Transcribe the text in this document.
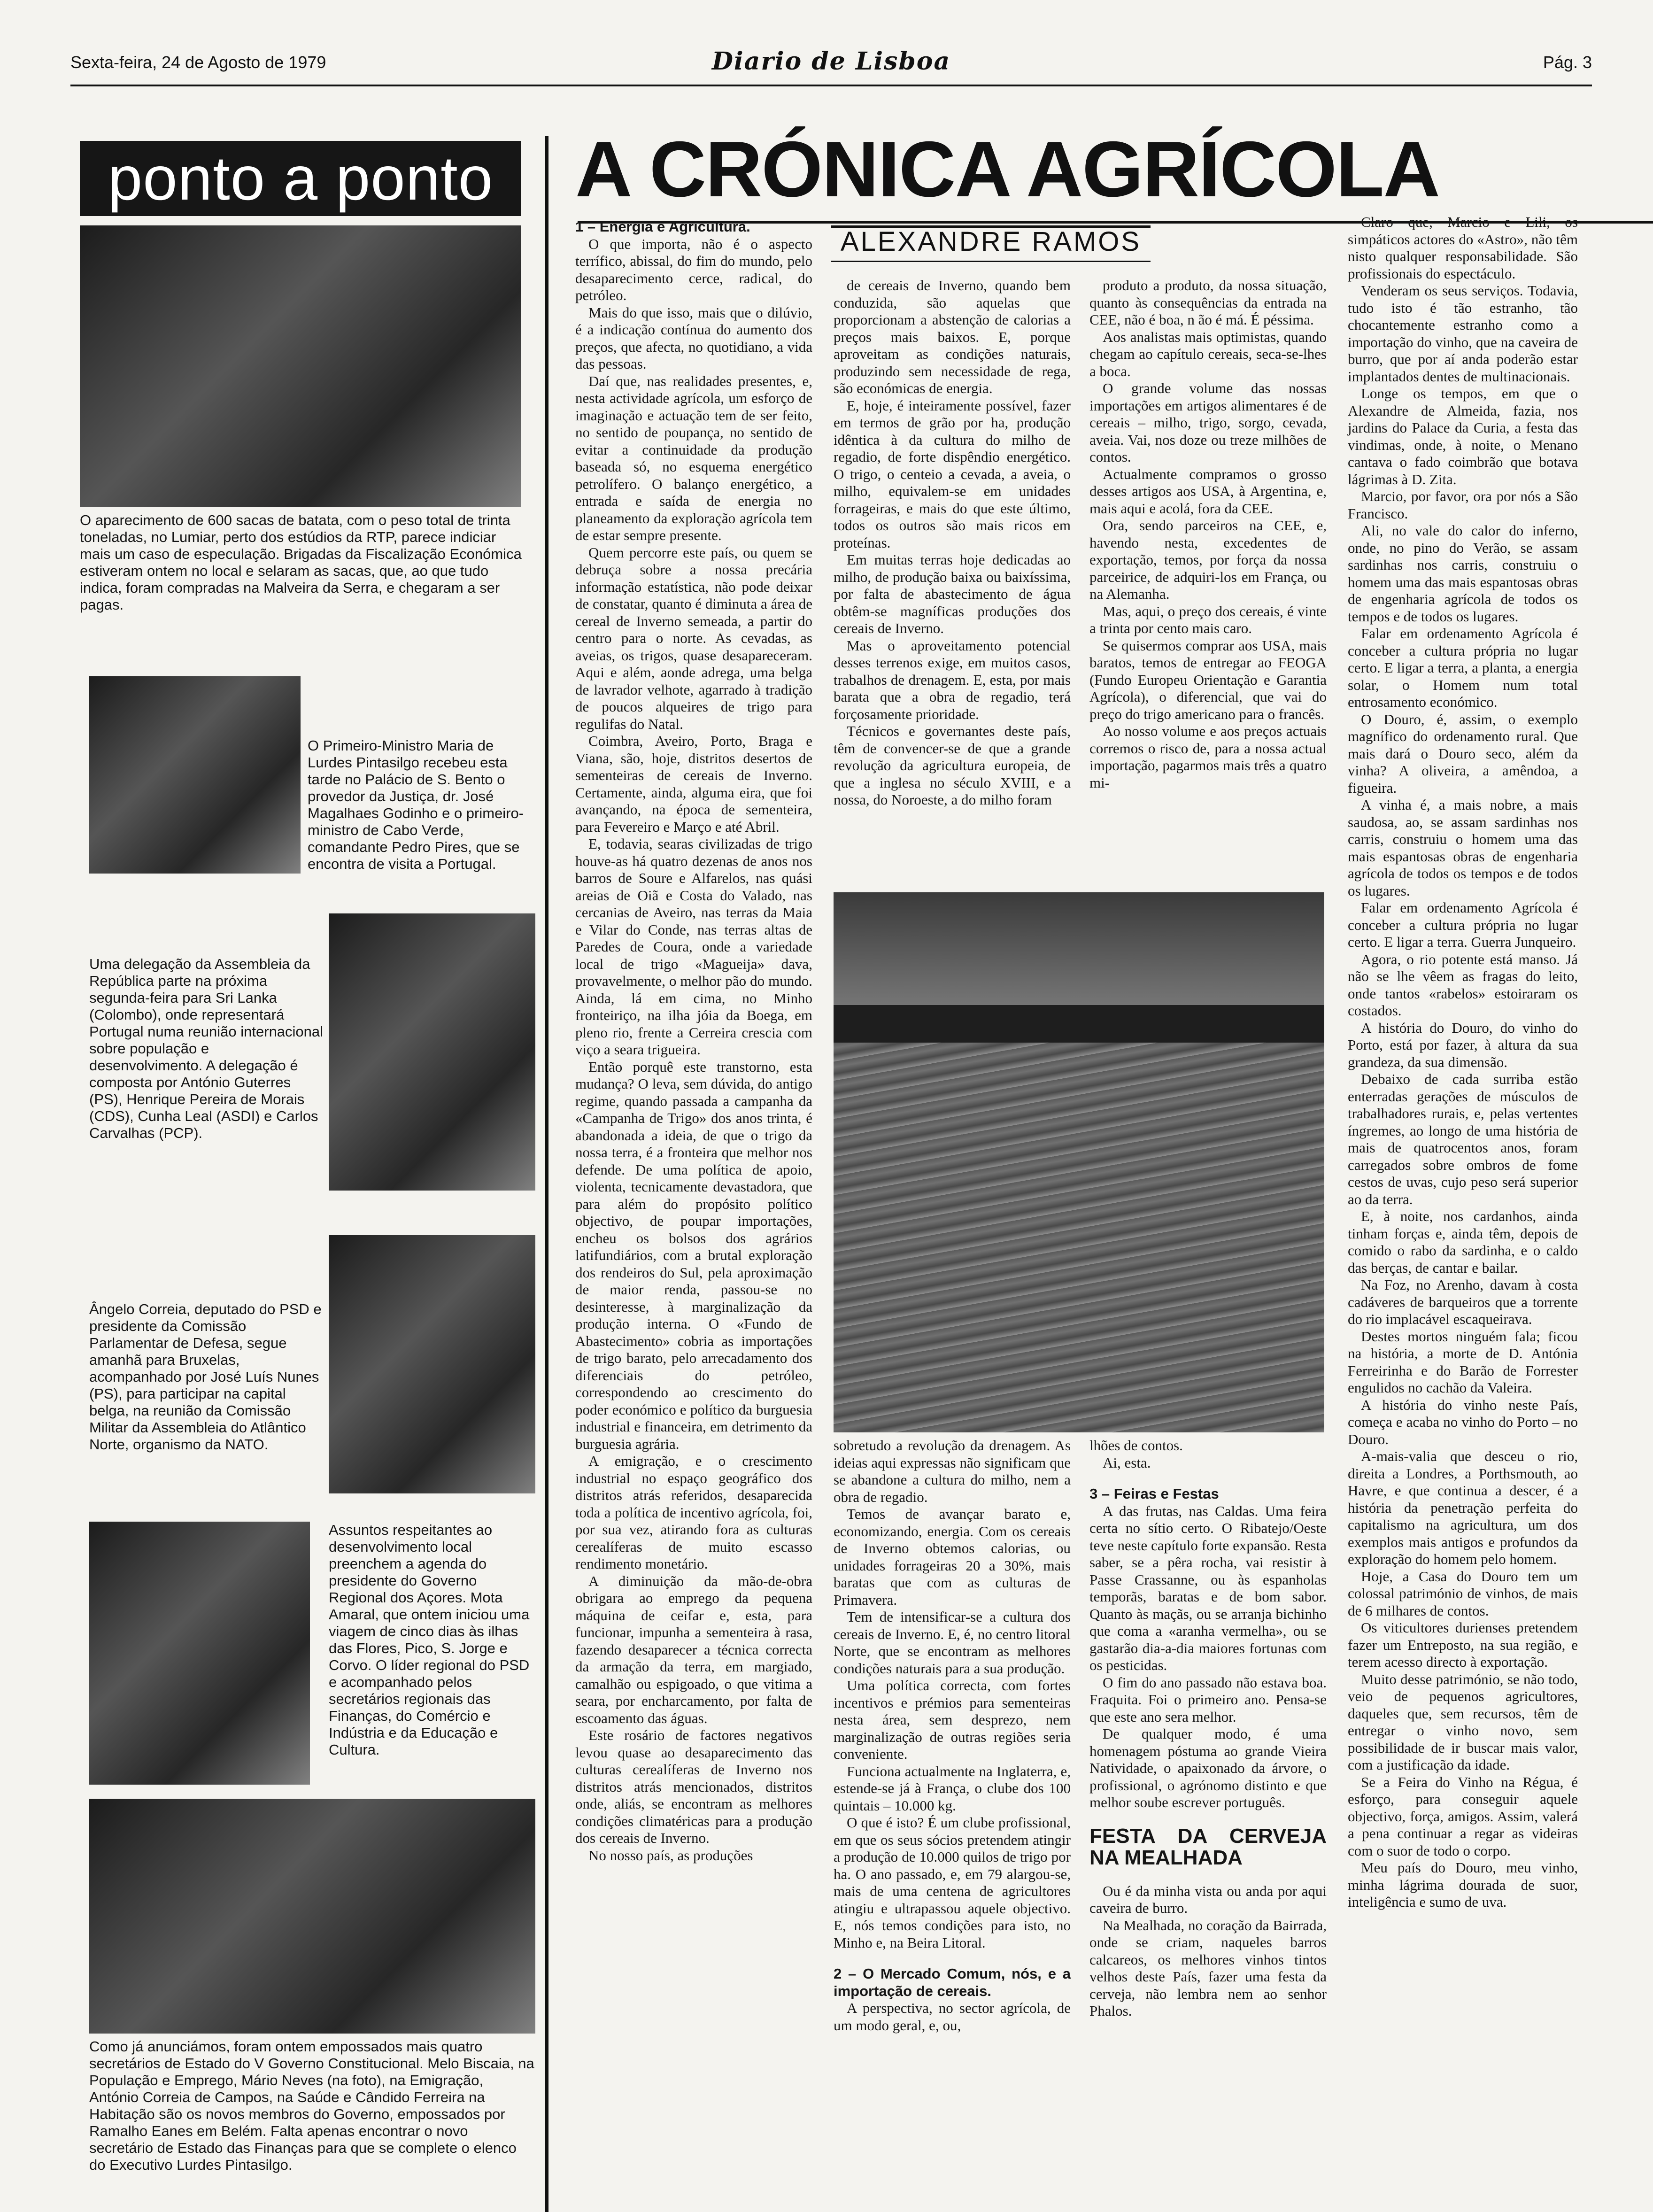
Sexta-feira, 24 de Agosto de 1979	Diario de Lisboa	Pág. 3
ponto a ponto
O aparecimento de 600 sacas de batata, com o peso total de trinta toneladas, no Lumiar, perto dos estúdios da RTP, parece indiciar mais um caso de especulação. Brigadas da Fiscalização Económica estiveram ontem no local e selaram as sacas, que, ao que tudo indica, foram compradas na Malveira da Serra, e chegaram a ser pagas.
O Primeiro-Ministro Maria de Lurdes Pintasilgo recebeu esta tarde no Palácio de S. Bento o provedor da Justiça, dr. José Magalhaes Godinho e o primeiro-ministro de Cabo Verde, comandante Pedro Pires, que se encontra de visita a Portugal.
Uma delegação da Assembleia da República parte na próxima segunda-feira para Sri Lanka (Colombo), onde representará Portugal numa reunião internacional sobre população e desenvolvimento. A delegação é composta por António Guterres (PS), Henrique Pereira de Morais (CDS), Cunha Leal (ASDI) e Carlos Carvalhas (PCP).
Ângelo Correia, deputado do PSD e presidente da Comissão Parlamentar de Defesa, segue amanhã para Bruxelas, acompanhado por José Luís Nunes (PS), para participar na capital belga, na reunião da Comissão Militar da Assembleia do Atlântico Norte, organismo da NATO.
Assuntos respeitantes ao desenvolvimento local preenchem a agenda do presidente do Governo Regional dos Açores. Mota Amaral, que ontem iniciou uma viagem de cinco dias às ilhas das Flores, Pico, S. Jorge e Corvo. O líder regional do PSD e acompanhado pelos secretários regionais das Finanças, do Comércio e Indústria e da Educação e Cultura.
Como já anunciámos, foram ontem empossados mais quatro secretários de Estado do V Governo Constitucional. Melo Biscaia, na População e Emprego, Mário Neves (na foto), na Emigração, António Correia de Campos, na Saúde e Cândido Ferreira na Habitação são os novos membros do Governo, empossados por Ramalho Eanes em Belém. Falta apenas encontrar o novo secretário de Estado das Finanças para que se complete o elenco do Executivo Lurdes Pintasilgo.
A CRÓNICA AGRÍCOLA
ALEXANDRE RAMOS

1 – Energia e Agricultura.

O que importa, não é o aspecto terrífico, abissal, do fim do mundo, pelo desaparecimento cerce, radical, do petróleo.

Mais do que isso, mais que o dilúvio, é a indicação contínua do aumento dos preços, que afecta, no quotidiano, a vida das pessoas.

Daí que, nas realidades presentes, e, nesta actividade agrícola, um esforço de imaginação e actuação tem de ser feito, no sentido de poupança, no sentido de evitar a continuidade da produção baseada só, no esquema energético petrolífero. O balanço energético, a entrada e saída de energia no planeamento da exploração agrícola tem de estar sempre presente.

Quem percorre este país, ou quem se debruça sobre a nossa precária informação estatística, não pode deixar de constatar, quanto é diminuta a área de cereal de Inverno semeada, a partir do centro para o norte. As cevadas, as aveias, os trigos, quase desapareceram. Aqui e além, aonde adrega, uma belga de lavrador velhote, agarrado à tradição de poucos alqueires de trigo para regulifas do Natal.

Coimbra, Aveiro, Porto, Braga e Viana, são, hoje, distritos desertos de sementeiras de cereais de Inverno. Certamente, ainda, alguma eira, que foi avançando, na época de sementeira, para Fevereiro e Março e até Abril.

E, todavia, searas civilizadas de trigo houve-as há quatro dezenas de anos nos barros de Soure e Alfarelos, nas quási areias de Oiã e Costa do Valado, nas cercanias de Aveiro, nas terras da Maia e Vilar do Conde, nas terras altas de Paredes de Coura, onde a variedade local de trigo «Magueija» dava, provavelmente, o melhor pão do mundo. Ainda, lá em cima, no Minho fronteiriço, na ilha jóia da Boega, em pleno rio, frente a Cerreira crescia com viço a seara trigueira.

Então porquê este transtorno, esta mudança? O leva, sem dúvida, do antigo regime, quando passada a campanha da «Campanha de Trigo» dos anos trinta, é abandonada a ideia, de que o trigo da nossa terra, é a fronteira que melhor nos defende. De uma política de apoio, violenta, tecnicamente devastadora, que para além do propósito político objectivo, de poupar importações, encheu os bolsos dos agrários latifundiários, com a brutal exploração dos rendeiros do Sul, pela aproximação de maior renda, passou-se no desinteresse, à marginalização da produção interna. O «Fundo de Abastecimento» cobria as importações de trigo barato, pelo arrecadamento dos diferenciais do petróleo, correspondendo ao crescimento do poder económico e político da burguesia industrial e financeira, em detrimento da burguesia agrária.

A emigração, e o crescimento industrial no espaço geográfico dos distritos atrás referidos, desaparecida toda a política de incentivo agrícola, foi, por sua vez, atirando fora as culturas cerealíferas de muito escasso rendimento monetário.

A diminuição da mão-de-obra obrigara ao emprego da pequena máquina de ceifar e, esta, para funcionar, impunha a sementeira à rasa, fazendo desaparecer a técnica correcta da armação da terra, em margiado, camalhão ou espigoado, o que vitima a seara, por encharcamento, por falta de escoamento das águas.

Este rosário de factores negativos levou quase ao desaparecimento das culturas cerealíferas de Inverno nos distritos atrás mencionados, distritos onde, aliás, se encontram as melhores condições climatéricas para a produção dos cereais de Inverno.

No nosso país, as produções

de cereais de Inverno, quando bem conduzida, são aquelas que proporcionam a abstenção de calorias a preços mais baixos. E, porque aproveitam as condições naturais, produzindo sem necessidade de rega, são económicas de energia.

E, hoje, é inteiramente possível, fazer em termos de grão por ha, produção idêntica à da cultura do milho de regadio, de forte dispêndio energético. O trigo, o centeio a cevada, a aveia, o milho, equivalem-se em unidades forrageiras, e mais do que este último, todos os outros são mais ricos em proteínas.

Em muitas terras hoje dedicadas ao milho, de produção baixa ou baixíssima, por falta de abastecimento de água obtêm-se magníficas produções dos cereais de Inverno.

Mas o aproveitamento potencial desses terrenos exige, em muitos casos, trabalhos de drenagem. E, esta, por mais barata que a obra de regadio, terá forçosamente prioridade.

Técnicos e governantes deste país, têm de convencer-se de que a grande revolução da agricultura europeia, de que a inglesa no século XVIII, e a nossa, do Noroeste, a do milho foram

produto a produto, da nossa situação, quanto às consequências da entrada na CEE, não é boa, n ão é má. É péssima.

Aos analistas mais optimistas, quando chegam ao capítulo cereais, seca-se-lhes a boca.

O grande volume das nossas importações em artigos alimentares é de cereais – milho, trigo, sorgo, cevada, aveia. Vai, nos doze ou treze milhões de contos.

Actualmente compramos o grosso desses artigos aos USA, à Argentina, e, mais aqui e acolá, fora da CEE.

Ora, sendo parceiros na CEE, e, havendo nesta, excedentes de exportação, temos, por força da nossa parceirice, de adquiri-los em França, ou na Alemanha.

Mas, aqui, o preço dos cereais, é vinte a trinta por cento mais caro.

Se quisermos comprar aos USA, mais baratos, temos de entregar ao FEOGA (Fundo Europeu Orientação e Garantia Agrícola), o diferencial, que vai do preço do trigo americano para o francês.

Ao nosso volume e aos preços actuais corremos o risco de, para a nossa actual importação, pagarmos mais três a quatro mi-

sobretudo a revolução da drenagem. As ideias aqui expressas não significam que se abandone a cultura do milho, nem a obra de regadio.

Temos de avançar barato e, economizando, energia. Com os cereais de Inverno obtemos calorias, ou unidades forrageiras 20 a 30%, mais baratas que com as culturas de Primavera.

Tem de intensificar-se a cultura dos cereais de Inverno. E, é, no centro litoral Norte, que se encontram as melhores condições naturais para a sua produção.

Uma política correcta, com fortes incentivos e prémios para sementeiras nesta área, sem desprezo, nem marginalização de outras regiões seria conveniente.

Funciona actualmente na Inglaterra, e, estende-se já à França, o clube dos 100 quintais – 10.000 kg.

O que é isto? É um clube profissional, em que os seus sócios pretendem atingir a produção de 10.000 quilos de trigo por ha. O ano passado, e, em 79 alargou-se, mais de uma centena de agricultores atingiu e ultrapassou aquele objectivo. E, nós temos condições para isto, no Minho e, na Beira Litoral.

2 – O Mercado Comum, nós, e a importação de cereais.

A perspectiva, no sector agrícola, de um modo geral, e, ou,

lhões de contos.

Ai, esta.

3 – Feiras e Festas

A das frutas, nas Caldas. Uma feira certa no sítio certo. O Ribatejo/Oeste teve neste capítulo forte expansão. Resta saber, se a pêra rocha, vai resistir à Passe Crassanne, ou às espanholas temporãs, baratas e de bom sabor. Quanto às maçãs, ou se arranja bichinho que coma a «aranha vermelha», ou se gastarão dia-a-dia maiores fortunas com os pesticidas.

O fim do ano passado não estava boa. Fraquita. Foi o primeiro ano. Pensa-se que este ano sera melhor.

De qualquer modo, é uma homenagem póstuma ao grande Vieira Natividade, o apaixonado da árvore, o profissional, o agrónomo distinto e que melhor soube escrever português.

FESTA DA CERVEJA NA MEALHADA

Ou é da minha vista ou anda por aqui caveira de burro.

Na Mealhada, no coração da Bairrada, onde se criam, naqueles barros calcareos, os melhores vinhos tintos velhos deste País, fazer uma festa da cerveja, não lembra nem ao senhor Phalos.

Claro que, Marcio e Lili, os simpáticos actores do «Astro», não têm nisto qualquer responsabilidade. São profissionais do espectáculo.

Venderam os seus serviços. Todavia, tudo isto é tão estranho, tão chocantemente estranho como a importação do vinho, que na caveira de burro, que por aí anda poderão estar implantados dentes de multinacionais.

Longe os tempos, em que o Alexandre de Almeida, fazia, nos jardins do Palace da Curia, a festa das vindimas, onde, à noite, o Menano cantava o fado coimbrão que botava lágrimas à D. Zita.

Marcio, por favor, ora por nós a São Francisco.

Ali, no vale do calor do inferno, onde, no pino do Verão, se assam sardinhas nos carris, construiu o homem uma das mais espantosas obras de engenharia agrícola de todos os tempos e de todos os lugares.

Falar em ordenamento Agrícola é conceber a cultura própria no lugar certo. E ligar a terra, a planta, a energia solar, o Homem num total entrosamento económico.

O Douro, é, assim, o exemplo magnífico do ordenamento rural. Que mais dará o Douro seco, além da vinha? A oliveira, a amêndoa, a figueira.

A vinha é, a mais nobre, a mais saudosa, ao, se assam sardinhas nos carris, construiu o homem uma das mais espantosas obras de engenharia agrícola de todos os tempos e de todos os lugares.

Falar em ordenamento Agrícola é conceber a cultura própria no lugar certo. E ligar a terra. Guerra Junqueiro.

Agora, o rio potente está manso. Já não se lhe vêem as fragas do leito, onde tantos «rabelos» estoiraram os costados.

A história do Douro, do vinho do Porto, está por fazer, à altura da sua grandeza, da sua dimensão.

Debaixo de cada surriba estão enterradas gerações de músculos de trabalhadores rurais, e, pelas vertentes íngremes, ao longo de uma história de mais de quatrocentos anos, foram carregados sobre ombros de fome cestos de uvas, cujo peso será superior ao da terra.

E, à noite, nos cardanhos, ainda tinham forças e, ainda têm, depois de comido o rabo da sardinha, e o caldo das berças, de cantar e bailar.

Na Foz, no Arenho, davam à costa cadáveres de barqueiros que a torrente do rio implacável escaqueirava.

Destes mortos ninguém fala; ficou na história, a morte de D. Antónia Ferreirinha e do Barão de Forrester engulidos no cachão da Valeira.

A história do vinho neste País, começa e acaba no vinho do Porto – no Douro.

A-mais-valia que desceu o rio, direita a Londres, a Porthsmouth, ao Havre, e que continua a descer, é a história da penetração perfeita do capitalismo na agricultura, um dos exemplos mais antigos e profundos da exploração do homem pelo homem.

Hoje, a Casa do Douro tem um colossal património de vinhos, de mais de 6 milhares de contos.

Os viticultores durienses pretendem fazer um Entreposto, na sua região, e terem acesso directo à exportação.

Muito desse património, se não todo, veio de pequenos agricultores, daqueles que, sem recursos, têm de entregar o vinho novo, sem possibilidade de ir buscar mais valor, com a justificação da idade.

Se a Feira do Vinho na Régua, é esforço, para conseguir aquele objectivo, força, amigos. Assim, valerá a pena continuar a regar as videiras com o suor de todo o corpo.

Meu país do Douro, meu vinho, minha lágrima dourada de suor, inteligência e sumo de uva.
